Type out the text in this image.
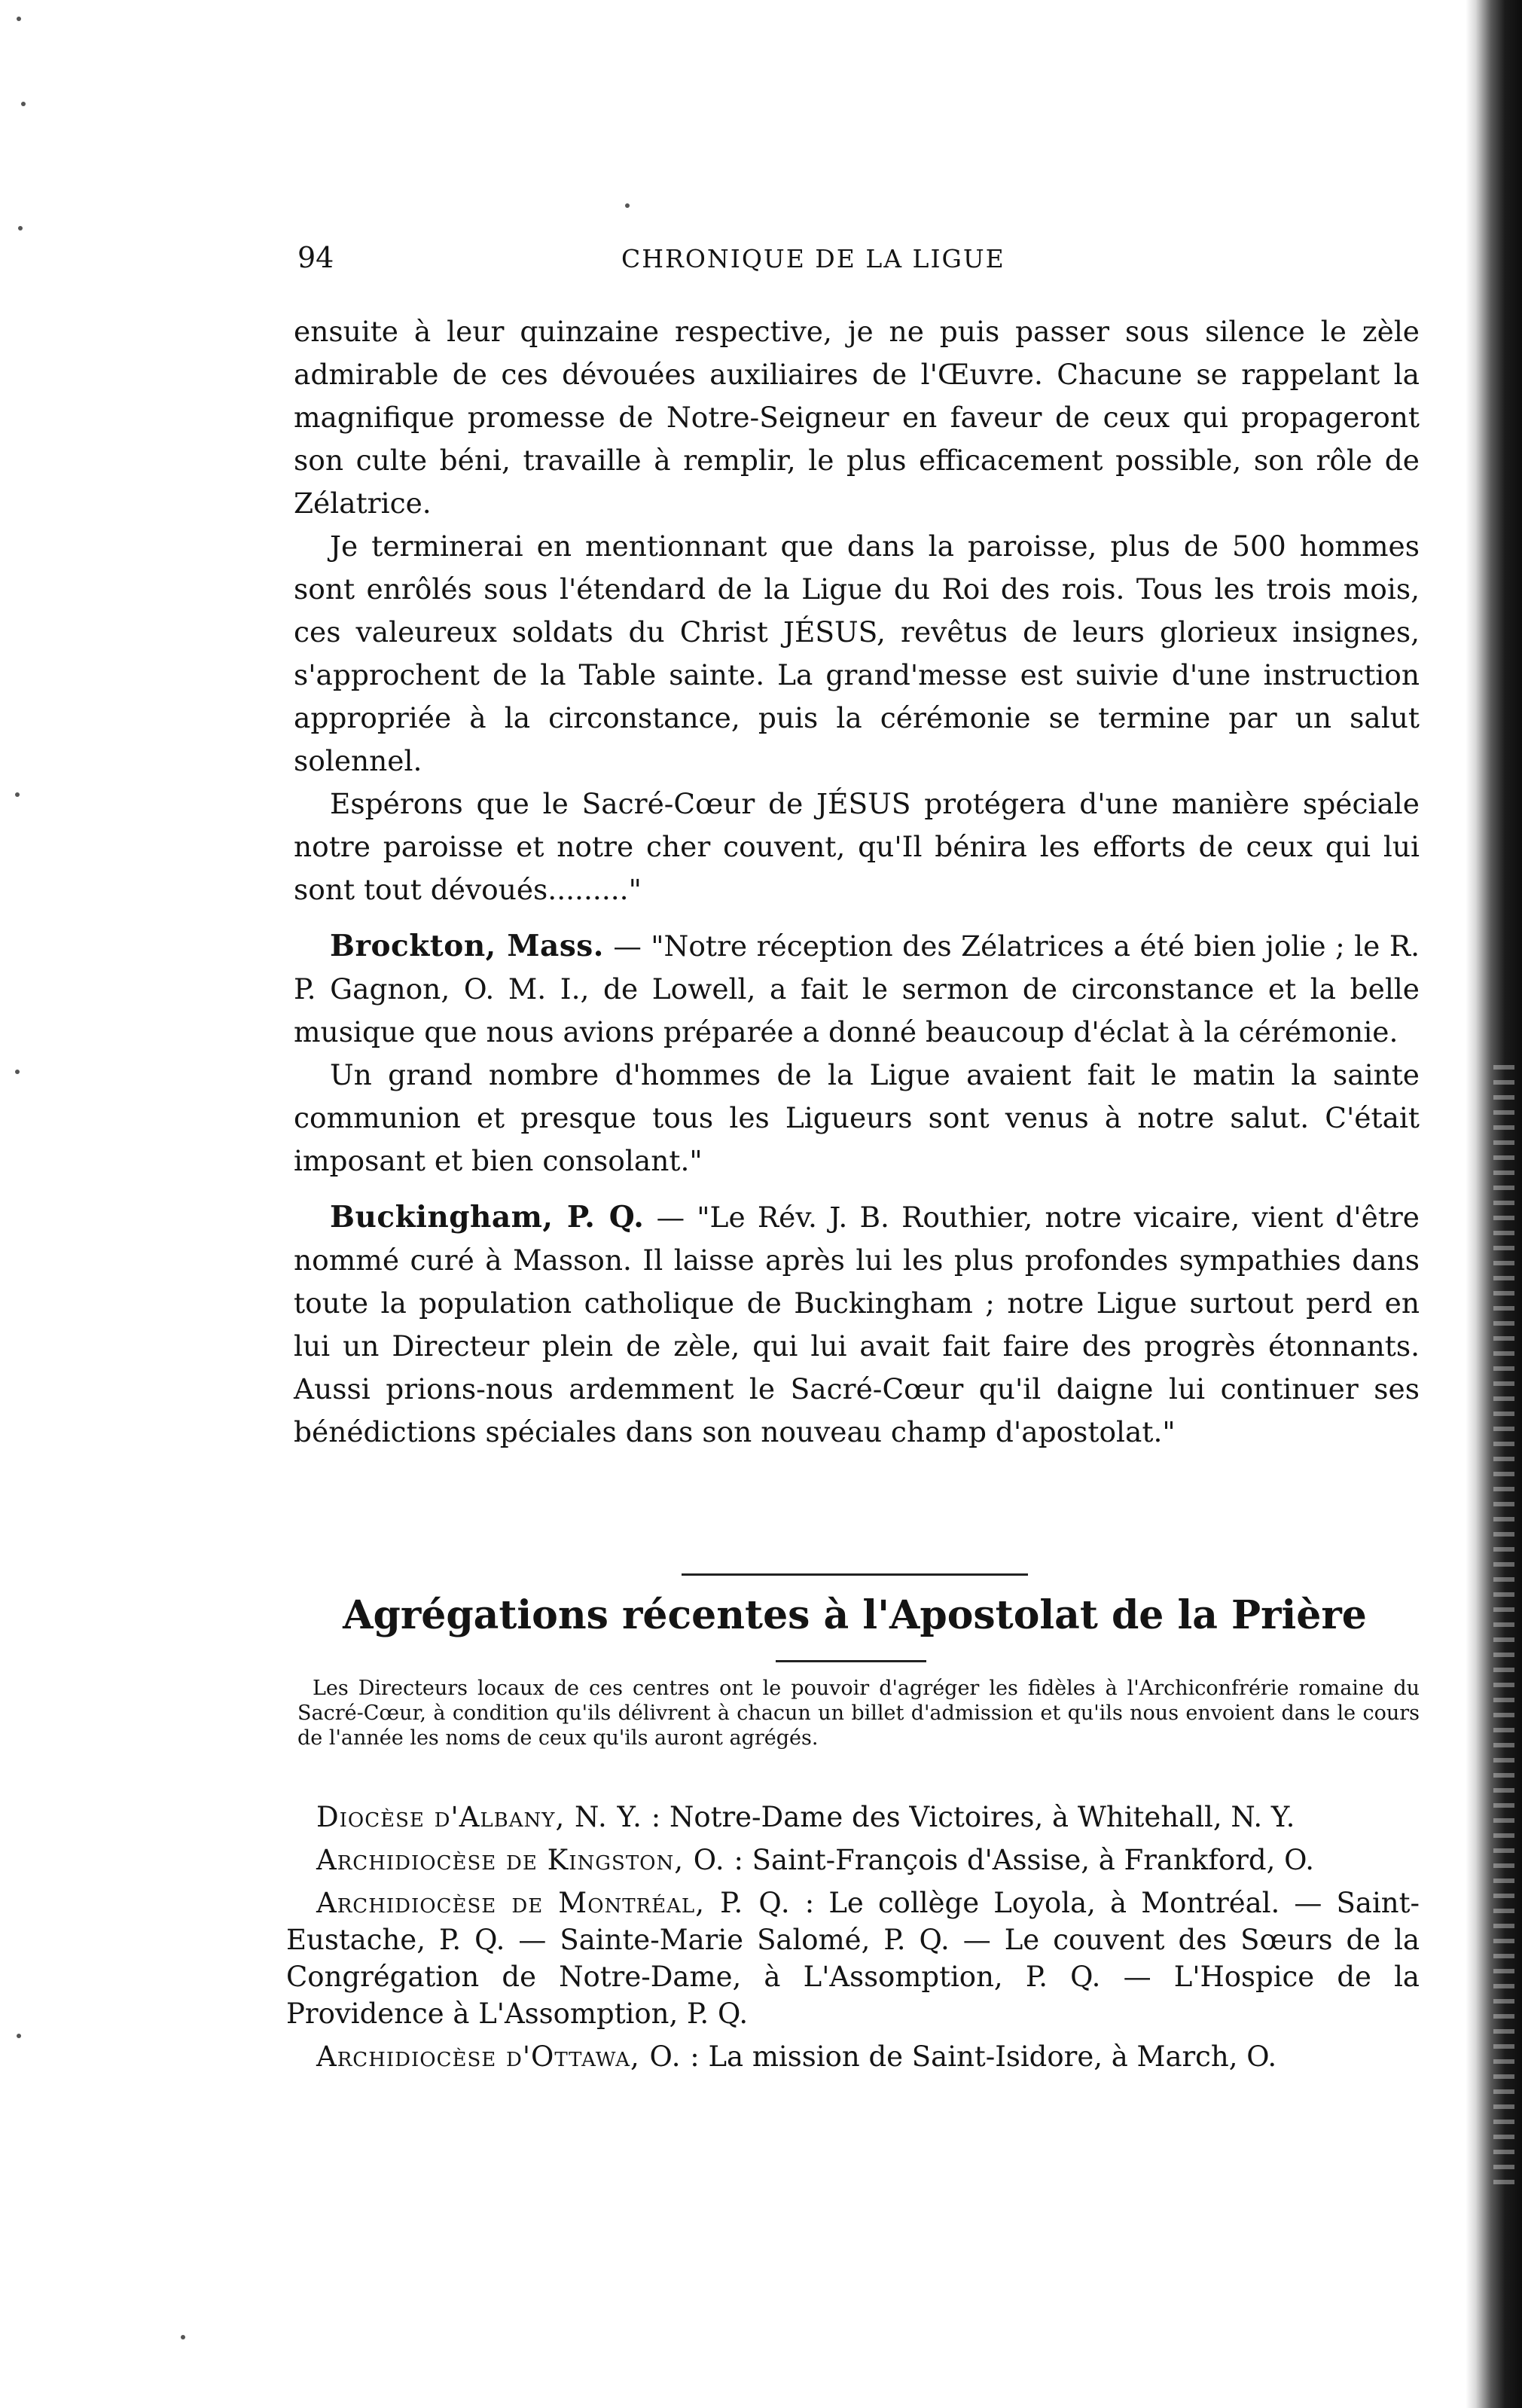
94	CHRONIQUE DE LA LIGUE

ensuite à leur quinzaine respective, je ne puis passer sous silence le zèle admirable de ces dévouées auxiliaires de l'Œuvre. Chacune se rappelant la magnifique promesse de Notre-Seigneur en faveur de ceux qui propageront son culte béni, travaille à remplir, le plus efficacement possible, son rôle de Zélatrice.

Je terminerai en mentionnant que dans la paroisse, plus de 500 hommes sont enrôlés sous l'étendard de la Ligue du Roi des rois. Tous les trois mois, ces valeureux soldats du Christ JÉSUS, revêtus de leurs glorieux insignes, s'approchent de la Table sainte. La grand'messe est suivie d'une instruction appropriée à la circonstance, puis la cérémonie se termine par un salut solennel.

Espérons que le Sacré-Cœur de JÉSUS protégera d'une manière spéciale notre paroisse et notre cher couvent, qu'Il bénira les efforts de ceux qui lui sont tout dévoués........."

Brockton, Mass. — "Notre réception des Zélatrices a été bien jolie ; le R. P. Gagnon, O. M. I., de Lowell, a fait le sermon de circonstance et la belle musique que nous avions préparée a donné beaucoup d'éclat à la cérémonie.

Un grand nombre d'hommes de la Ligue avaient fait le matin la sainte communion et presque tous les Ligueurs sont venus à notre salut. C'était imposant et bien consolant."

Buckingham, P. Q. — "Le Rév. J. B. Routhier, notre vicaire, vient d'être nommé curé à Masson. Il laisse après lui les plus profondes sympathies dans toute la population catholique de Buckingham ; notre Ligue surtout perd en lui un Directeur plein de zèle, qui lui avait fait faire des progrès étonnants. Aussi prions-nous ardemment le Sacré-Cœur qu'il daigne lui continuer ses bénédictions spéciales dans son nouveau champ d'apostolat."

Agrégations récentes à l'Apostolat de la Prière
Les Directeurs locaux de ces centres ont le pouvoir d'agréger les fidèles à l'Archiconfrérie romaine du Sacré-Cœur, à condition qu'ils délivrent à chacun un billet d'admission et qu'ils nous envoient dans le cours de l'année les noms de ceux qu'ils auront agrégés.

Diocèse d'Albany, N. Y. : Notre-Dame des Victoires, à Whitehall, N. Y.

Archidiocèse de Kingston, O. : Saint-François d'Assise, à Frankford, O.

Archidiocèse de Montréal, P. Q. : Le collège Loyola, à Montréal. — Saint-Eustache, P. Q. — Sainte-Marie Salomé, P. Q. — Le couvent des Sœurs de la Congrégation de Notre-Dame, à L'Assomption, P. Q. — L'Hospice de la Providence à L'Assomption, P. Q.

Archidiocèse d'Ottawa, O. : La mission de Saint-Isidore, à March, O.
